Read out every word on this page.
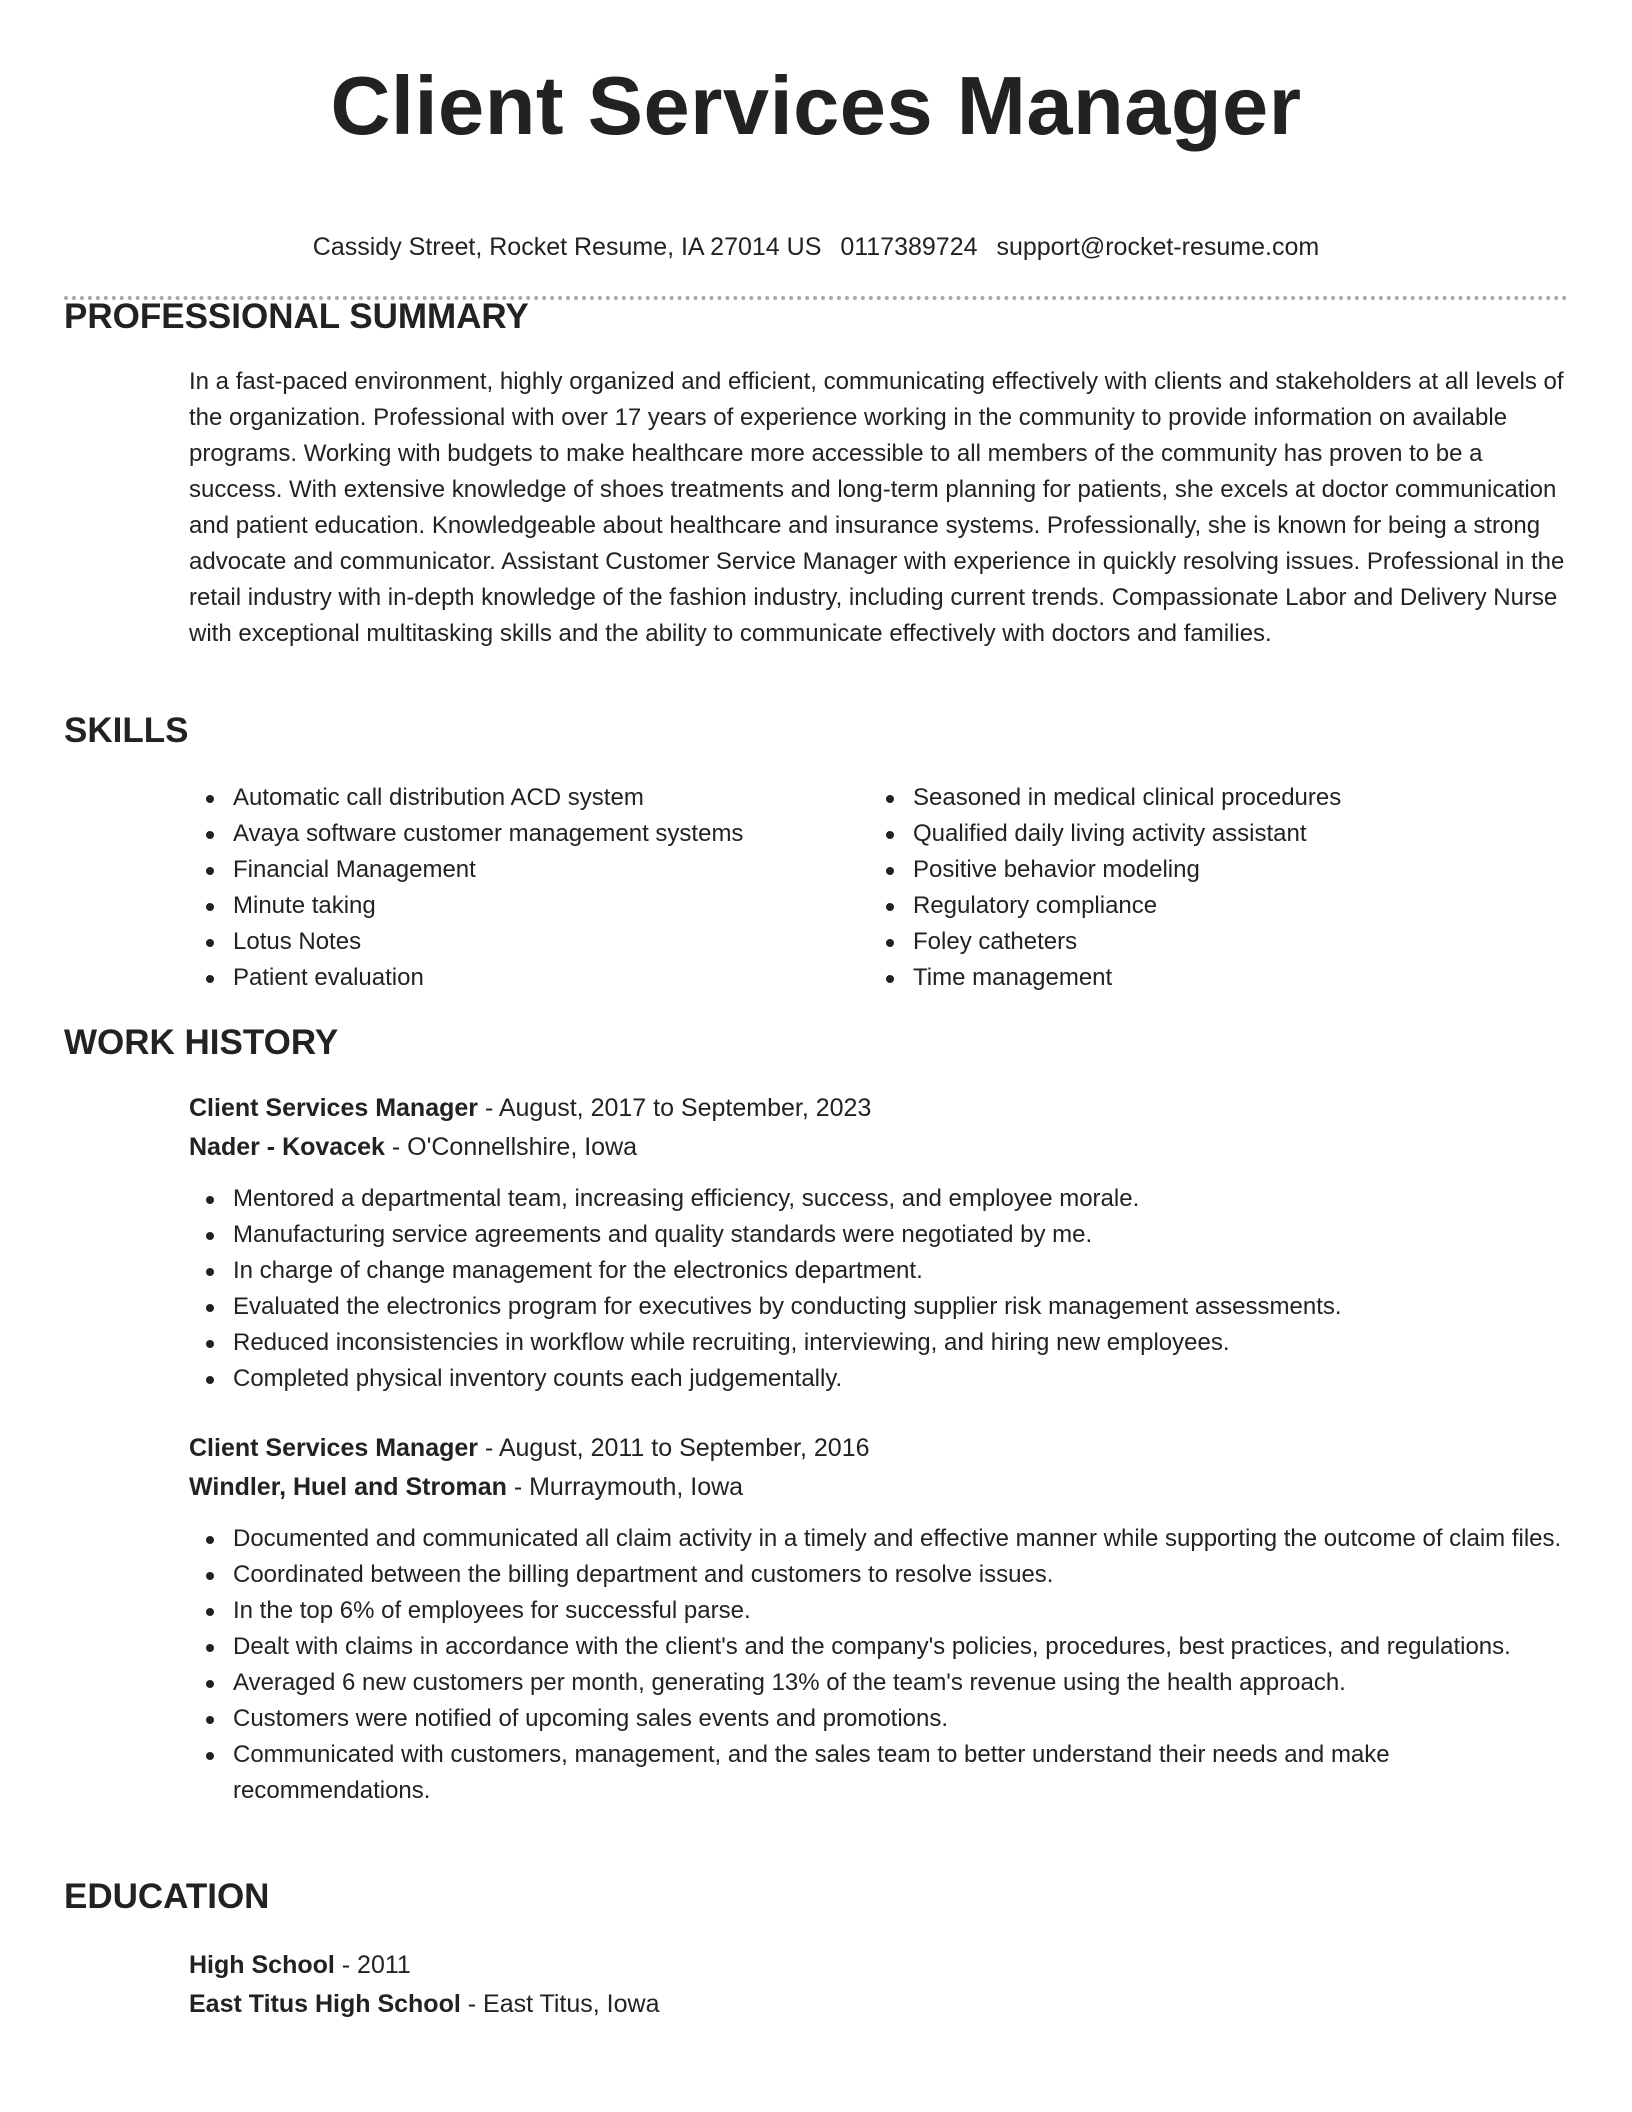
Client Services Manager
Cassidy Street, Rocket Resume, IA 27014 US 0117389724 support@rocket-resume.com
PROFESSIONAL SUMMARY

In a fast-paced environment, highly organized and efficient, communicating effectively with clients and stakeholders at all levels of the organization. Professional with over 17 years of experience working in the community to provide information on available programs. Working with budgets to make healthcare more accessible to all members of the community has proven to be a success. With extensive knowledge of shoes treatments and long-term planning for patients, she excels at doctor communication and patient education. Knowledgeable about healthcare and insurance systems. Professionally, she is known for being a strong advocate and communicator. Assistant Customer Service Manager with experience in quickly resolving issues. Professional in the retail industry with in-depth knowledge of the fashion industry, including current trends. Compassionate Labor and Delivery Nurse with exceptional multitasking skills and the ability to communicate effectively with doctors and families.

SKILLS
Automatic call distribution ACD system
Avaya software customer management systems
Financial Management
Minute taking
Lotus Notes
Patient evaluation
Seasoned in medical clinical procedures
Qualified daily living activity assistant
Positive behavior modeling
Regulatory compliance
Foley catheters
Time management
WORK HISTORY
Client Services Manager - August, 2017 to September, 2023
Nader - Kovacek - O'Connellshire, Iowa
Mentored a departmental team, increasing efficiency, success, and employee morale.
Manufacturing service agreements and quality standards were negotiated by me.
In charge of change management for the electronics department.
Evaluated the electronics program for executives by conducting supplier risk management assessments.
Reduced inconsistencies in workflow while recruiting, interviewing, and hiring new employees.
Completed physical inventory counts each judgementally.
Client Services Manager - August, 2011 to September, 2016
Windler, Huel and Stroman - Murraymouth, Iowa
Documented and communicated all claim activity in a timely and effective manner while supporting the outcome of claim files.
Coordinated between the billing department and customers to resolve issues.
In the top 6% of employees for successful parse.
Dealt with claims in accordance with the client's and the company's policies, procedures, best practices, and regulations.
Averaged 6 new customers per month, generating 13% of the team's revenue using the health approach.
Customers were notified of upcoming sales events and promotions.
Communicated with customers, management, and the sales team to better understand their needs and make recommendations.
EDUCATION
High School - 2011
East Titus High School - East Titus, Iowa
